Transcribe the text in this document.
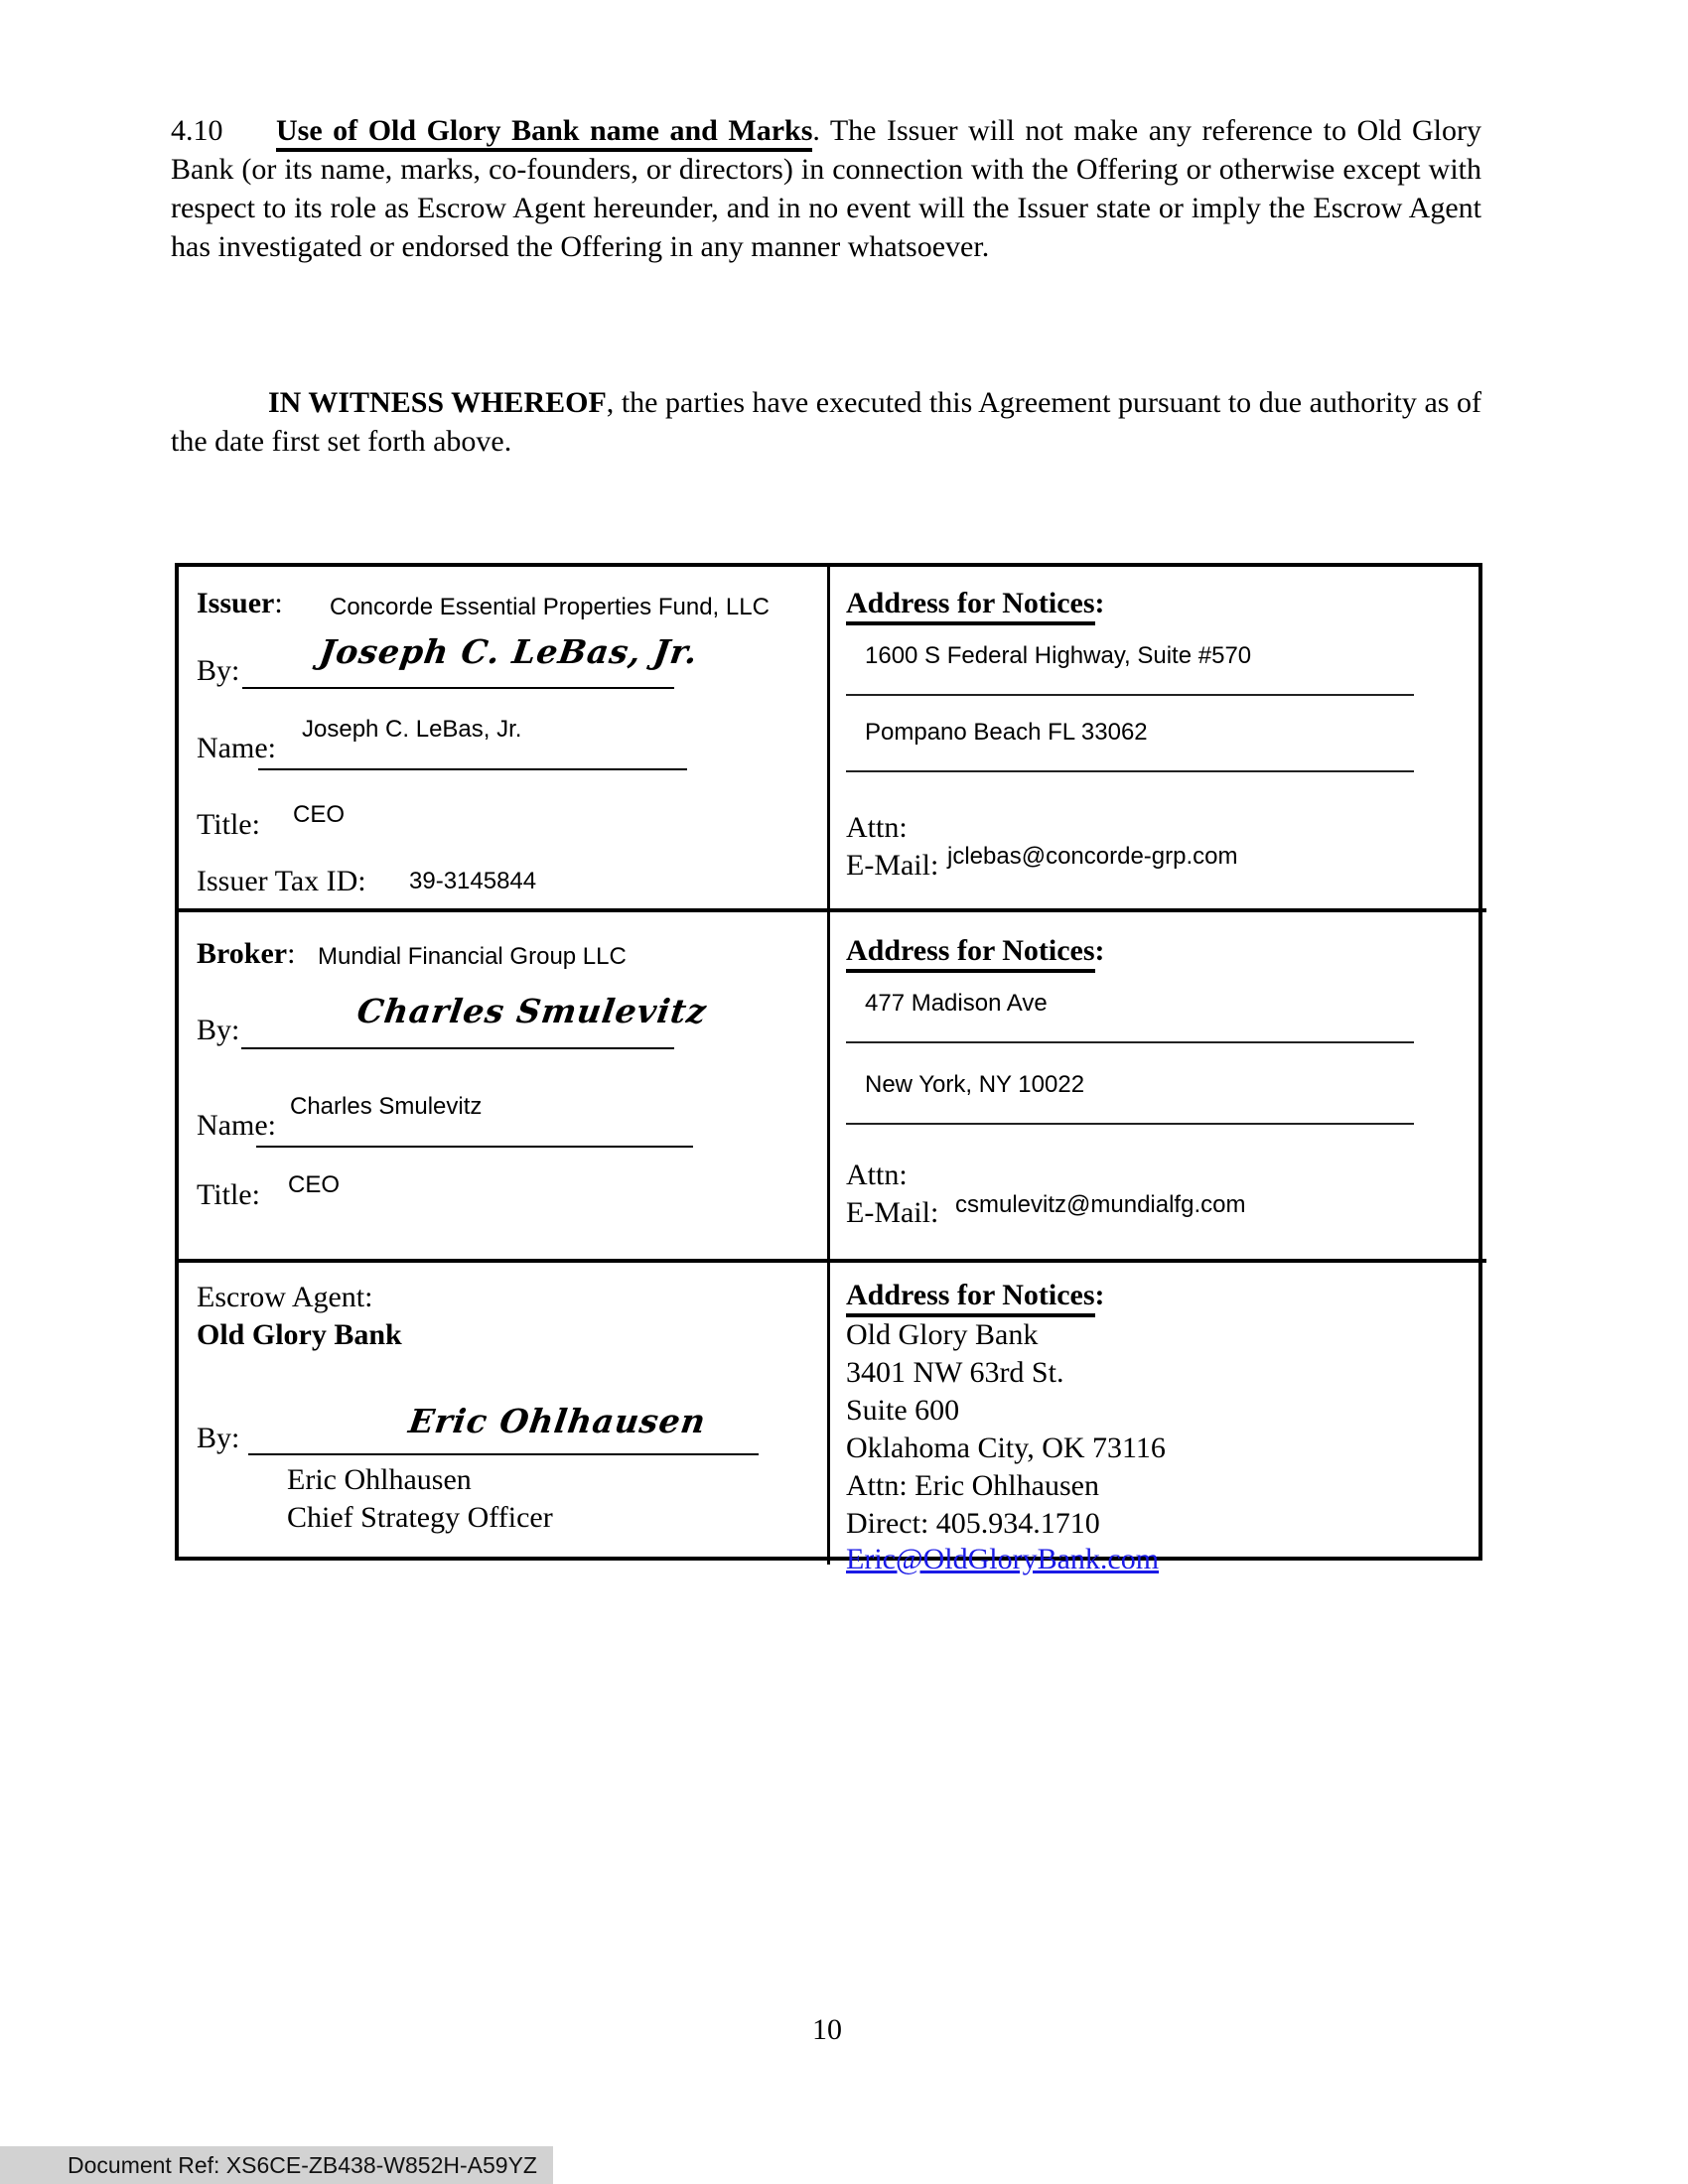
4.10 Use of Old Glory Bank name and Marks. The Issuer will not make any reference to Old Glory Bank (or its name, marks, co-founders, or directors) in connection with the Offering or otherwise except with respect to its role as Escrow Agent hereunder, and in no event will the Issuer state or imply the Escrow Agent has investigated or endorsed the Offering in any manner whatsoever.
IN WITNESS WHEREOF, the parties have executed this Agreement pursuant to due authority as of the date first set forth above.
Issuer: Concorde Essential Properties Fund, LLC
Joseph C. LeBas, Jr.
By:
Joseph C. LeBas, Jr.
Name:
Title: CEO
Issuer Tax ID: 39-3145844
Address for Notices:
1600 S Federal Highway, Suite #570
Pompano Beach FL 33062
Attn:
E-Mail: jclebas@concorde-grp.com
Broker: Mundial Financial Group LLC
Charles Smulevitz
By:
Charles Smulevitz
Name:
Title: CEO
Address for Notices:
477 Madison Ave
New York, NY 10022
Attn:
E-Mail: csmulevitz@mundialfg.com
Escrow Agent:
Old Glory Bank
Eric Ohlhausen
By:
Eric Ohlhausen
Chief Strategy Officer
Address for Notices:
Old Glory Bank
3401 NW 63rd St.
Suite 600
Oklahoma City, OK 73116
Attn: Eric Ohlhausen
Direct: 405.934.1710
Eric@OldGloryBank.com
10
Document Ref: XS6CE-ZB438-W852H-A59YZ
